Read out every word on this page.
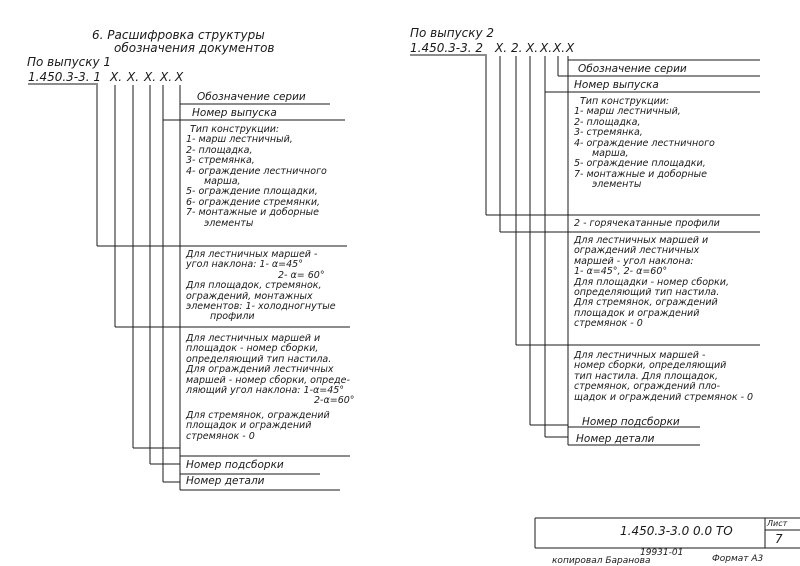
6. Расшифровка структуры
обозначения документов
По выпуску 1
1.450.3-3. 1 X. X. X. X. X
Обозначение серии
Номер выпуска
Тип конструкции:
1- марш лестничный,
2- площадка,
3- стремянка,
4- ограждение лестничного
марша,
5- ограждение площадки,
6- ограждение стремянки,
7- монтажные и доборные
элементы
Для лестничных маршей -
угол наклона: 1- α=45°
2- α= 60°
Для площадок, стремянок,
ограждений, монтажных
элементов: 1- холодногнутые
профили
Для лестничных маршей и
площадок - номер сборки,
определяющий тип настила.
Для ограждений лестничных
маршей - номер сборки, опреде-
ляющий угол наклона: 1-α=45°
2-α=60°
Для стремянок, ограждений
площадок и ограждений
стремянок - 0
Номер подсборки
Номер детали
По выпуску 2
1.450.3-3. 2 X. 2. X. X. X. X
Обозначение серии
Номер выпуска
Тип конструкции:
1- марш лестничный,
2- площадка,
3- стремянка,
4- ограждение лестничного
марша,
5- ограждение площадки,
7- монтажные и доборные
элементы
2 - горячекатанные профили
Для лестничных маршей и
ограждений лестничных
маршей - угол наклона:
1- α=45°, 2- α=60°
Для площадки - номер сборки,
определяющий тип настила.
Для стремянок, ограждений
площадок и ограждений
стремянок - 0
Для лестничных маршей -
номер сборки, определяющий
тип настила. Для площадок,
стремянок, ограждений пло-
щадок и ограждений стремянок - 0
Номер подсборки
Номер детали
1.450.3-3.0 0.0 ТО
Лист
7
19931-01
копировал Баранова	Формат А3
